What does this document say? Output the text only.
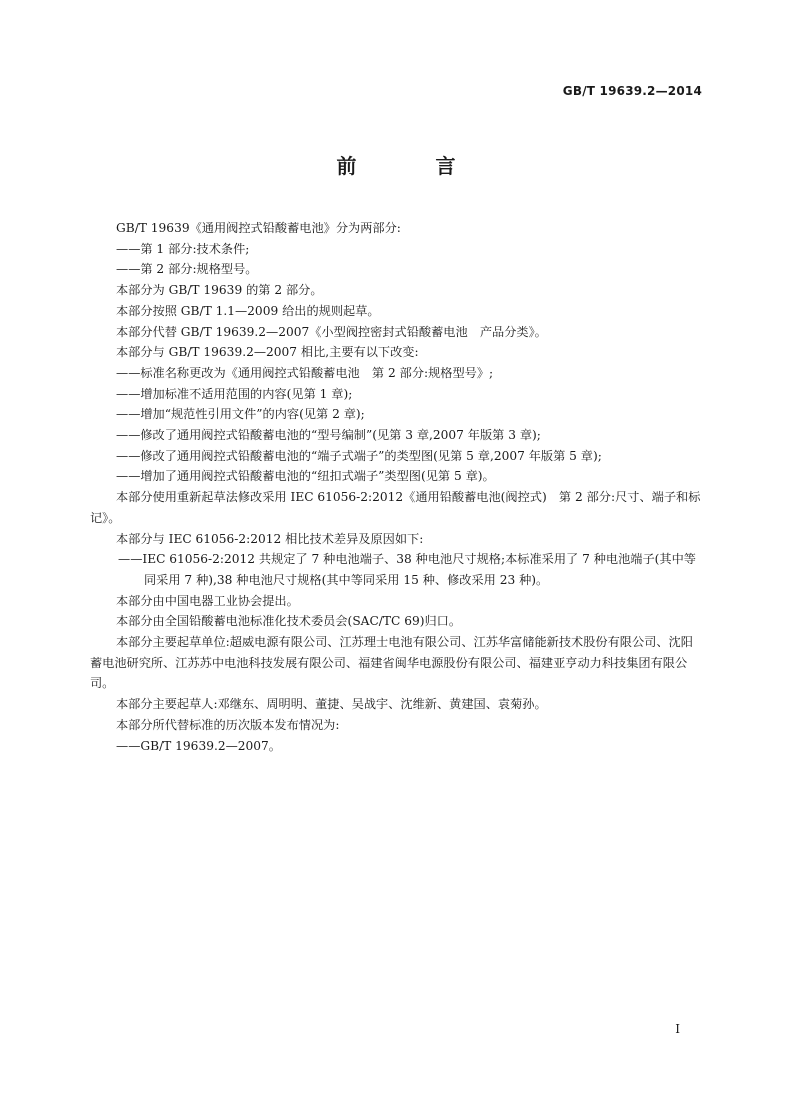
GB/T 19639.2—2014
前 言

GB/T 19639《通用阀控式铅酸蓄电池》分为两部分:

——第 1 部分:技术条件;

——第 2 部分:规格型号。

本部分为 GB/T 19639 的第 2 部分。

本部分按照 GB/T 1.1—2009 给出的规则起草。

本部分代替 GB/T 19639.2—2007《小型阀控密封式铅酸蓄电池　产品分类》。

本部分与 GB/T 19639.2—2007 相比,主要有以下改变:

——标准名称更改为《通用阀控式铅酸蓄电池　第 2 部分:规格型号》;

——增加标准不适用范围的内容(见第 1 章);

——增加“规范性引用文件”的内容(见第 2 章);

——修改了通用阀控式铅酸蓄电池的“型号编制”(见第 3 章,2007 年版第 3 章);

——修改了通用阀控式铅酸蓄电池的“端子式端子”的类型图(见第 5 章,2007 年版第 5 章);

——增加了通用阀控式铅酸蓄电池的“纽扣式端子”类型图(见第 5 章)。

本部分使用重新起草法修改采用 IEC 61056-2:2012《通用铅酸蓄电池(阀控式)　第 2 部分:尺寸、端子和标记》。

本部分与 IEC 61056-2:2012 相比技术差异及原因如下:

——IEC 61056-2:2012 共规定了 7 种电池端子、38 种电池尺寸规格;本标准采用了 7 种电池端子(其中等同采用 7 种),38 种电池尺寸规格(其中等同采用 15 种、修改采用 23 种)。

本部分由中国电器工业协会提出。

本部分由全国铅酸蓄电池标准化技术委员会(SAC/TC 69)归口。

本部分主要起草单位:超威电源有限公司、江苏理士电池有限公司、江苏华富储能新技术股份有限公司、沈阳蓄电池研究所、江苏苏中电池科技发展有限公司、福建省闽华电源股份有限公司、福建亚亨动力科技集团有限公司。

本部分主要起草人:邓继东、周明明、董捷、吴战宇、沈维新、黄建国、袁菊孙。

本部分所代替标准的历次版本发布情况为:

——GB/T 19639.2—2007。

I
